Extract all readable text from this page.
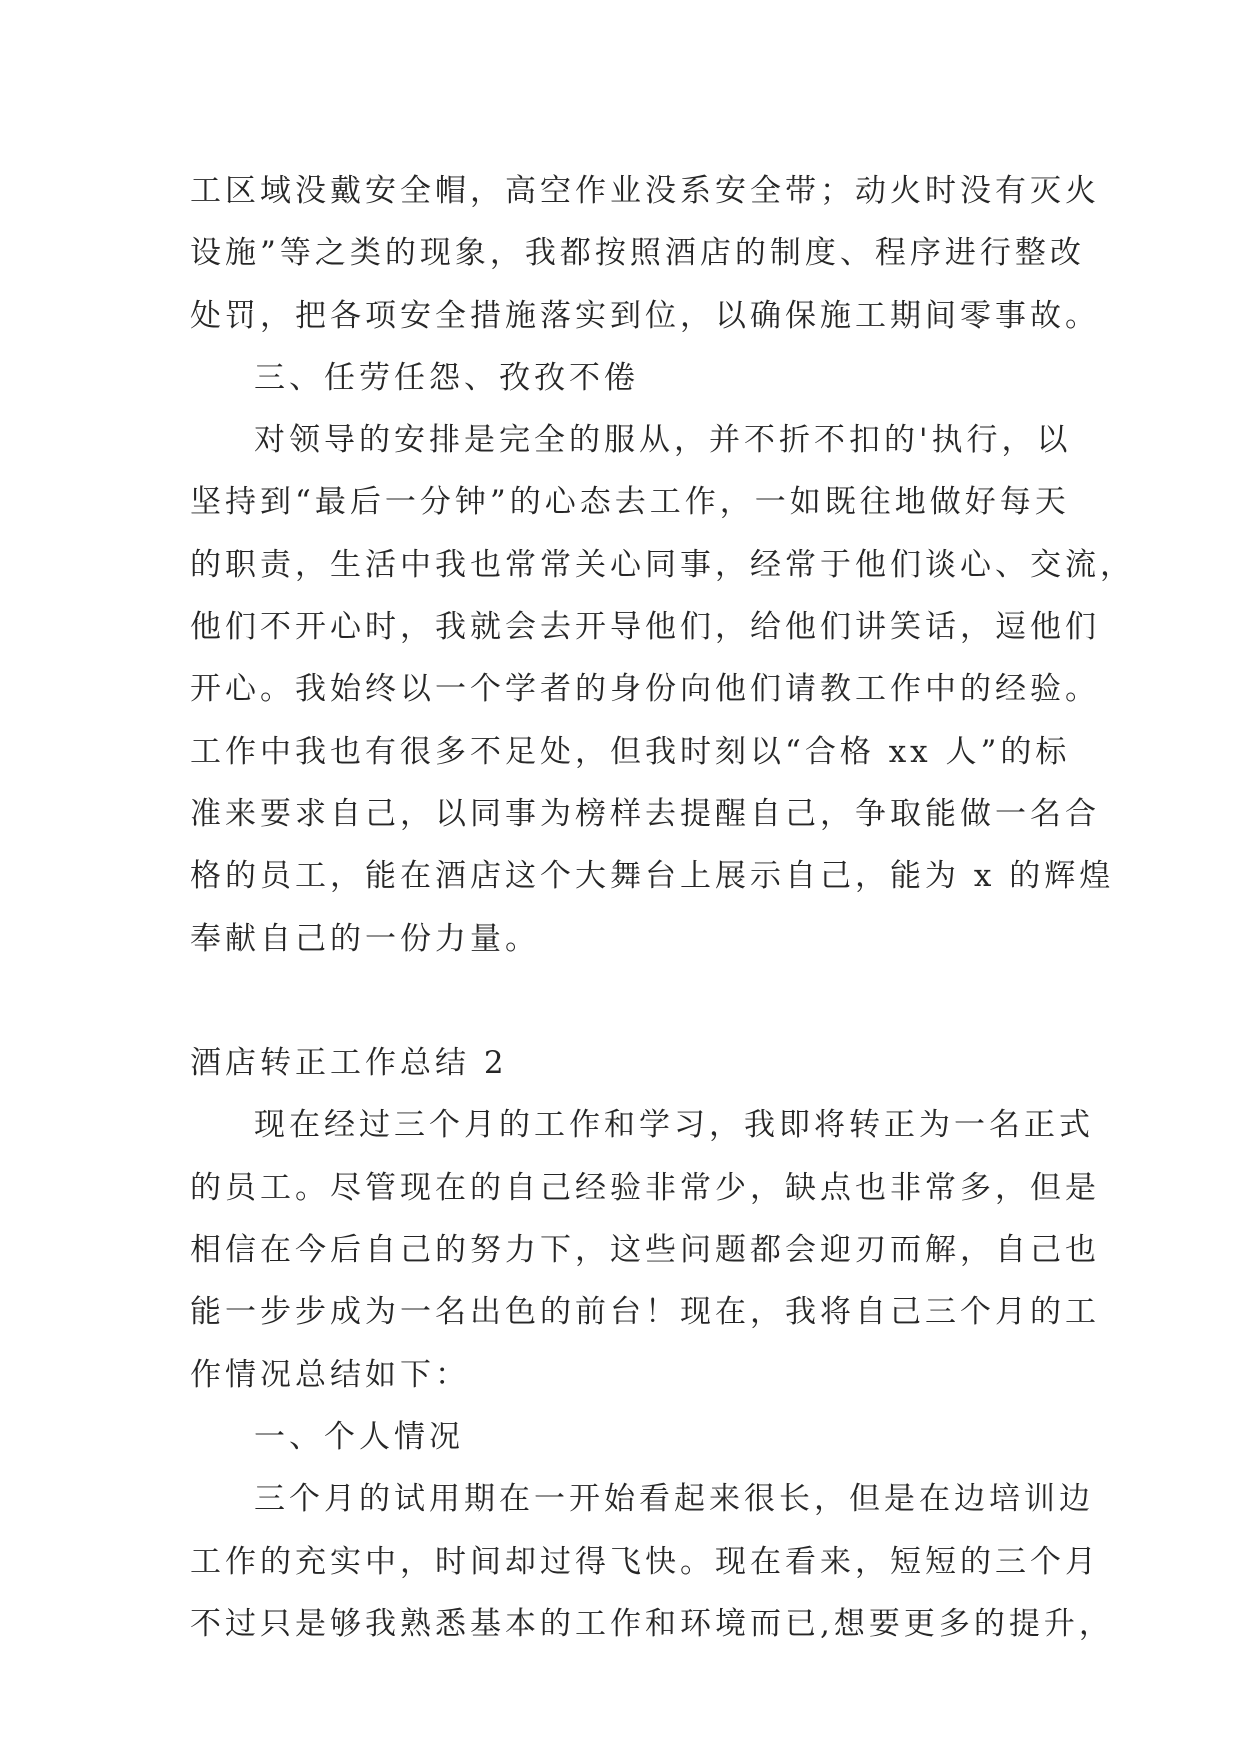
工区域没戴安全帽，高空作业没系安全带；动火时没有灭火
设施”等之类的现象，我都按照酒店的制度、程序进行整改
处罚，把各项安全措施落实到位，以确保施工期间零事故。
三、任劳任怨、孜孜不倦
对领导的安排是完全的服从，并不折不扣的'执行，以
坚持到“最后一分钟”的心态去工作，一如既往地做好每天
的职责，生活中我也常常关心同事，经常于他们谈心、交流，
他们不开心时，我就会去开导他们，给他们讲笑话，逗他们
开心。我始终以一个学者的身份向他们请教工作中的经验。
工作中我也有很多不足处，但我时刻以“合格 xx 人”的标
准来要求自己，以同事为榜样去提醒自己，争取能做一名合
格的员工，能在酒店这个大舞台上展示自己，能为 x 的辉煌
奉献自己的一份力量。
酒店转正工作总结 2
现在经过三个月的工作和学习，我即将转正为一名正式
的员工。尽管现在的自己经验非常少，缺点也非常多，但是
相信在今后自己的努力下，这些问题都会迎刃而解，自己也
能一步步成为一名出色的前台！现在，我将自己三个月的工
作情况总结如下：
一、个人情况
三个月的试用期在一开始看起来很长，但是在边培训边
工作的充实中，时间却过得飞快。现在看来，短短的三个月
不过只是够我熟悉基本的工作和环境而已,想要更多的提升，
